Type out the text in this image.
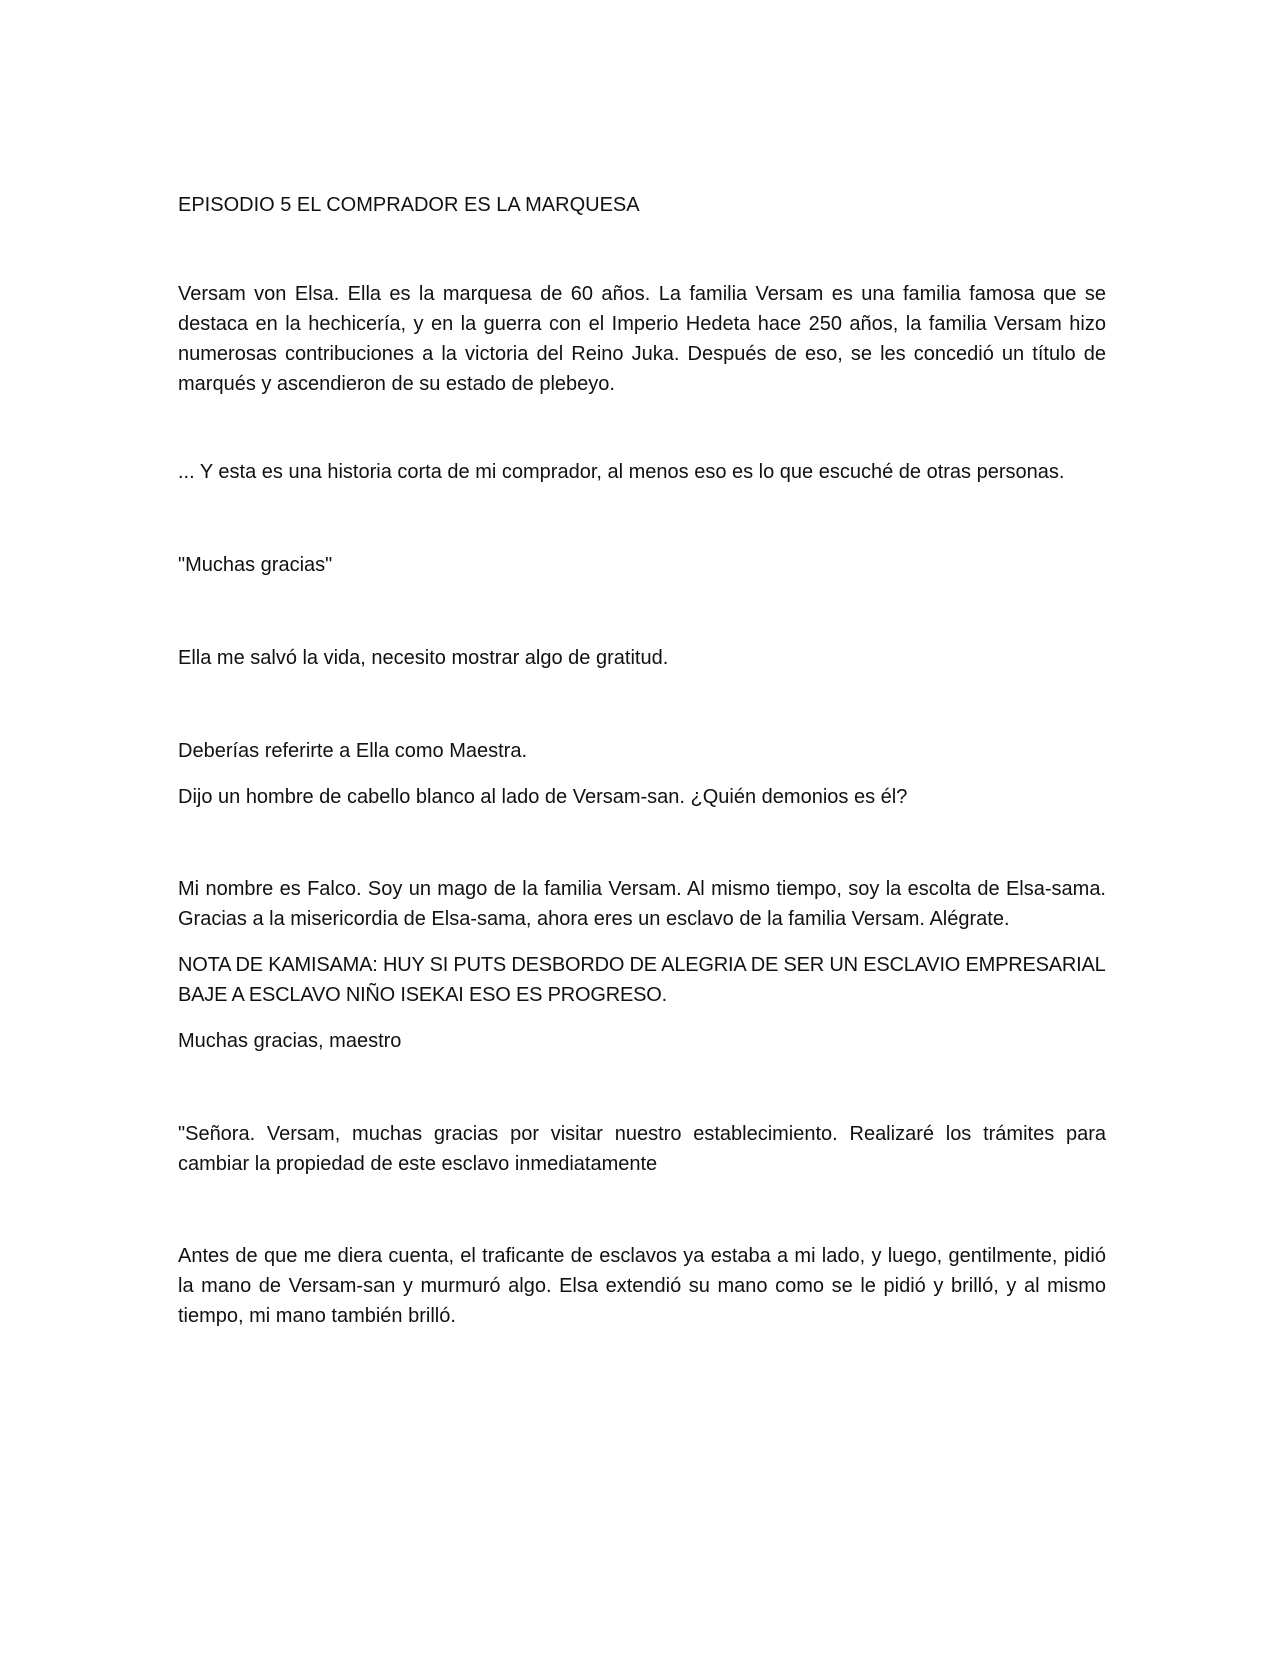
EPISODIO 5 EL COMPRADOR ES LA MARQUESA

Versam von Elsa. Ella es la marquesa de 60 años. La familia Versam es una familia famosa que se destaca en la hechicería, y en la guerra con el Imperio Hedeta hace 250 años, la familia Versam hizo numerosas contribuciones a la victoria del Reino Juka. Después de eso, se les concedió un título de marqués y ascendieron de su estado de plebeyo.

... Y esta es una historia corta de mi comprador, al menos eso es lo que escuché de otras personas.

"Muchas gracias"

Ella me salvó la vida, necesito mostrar algo de gratitud.

Deberías referirte a Ella como Maestra.

Dijo un hombre de cabello blanco al lado de Versam-san. ¿Quién demonios es él?

Mi nombre es Falco. Soy un mago de la familia Versam. Al mismo tiempo, soy la escolta de Elsa-sama. Gracias a la misericordia de Elsa-sama, ahora eres un esclavo de la familia Versam. Alégrate.

NOTA DE KAMISAMA: HUY SI PUTS DESBORDO DE ALEGRIA DE SER UN ESCLAVIO EMPRESARIAL BAJE A ESCLAVO NIÑO ISEKAI ESO ES PROGRESO.

Muchas gracias, maestro

"Señora. Versam, muchas gracias por visitar nuestro establecimiento. Realizaré los trámites para cambiar la propiedad de este esclavo inmediatamente

Antes de que me diera cuenta, el traficante de esclavos ya estaba a mi lado, y luego, gentilmente, pidió la mano de Versam-san y murmuró algo. Elsa extendió su mano como se le pidió y brilló, y al mismo tiempo, mi mano también brilló.
